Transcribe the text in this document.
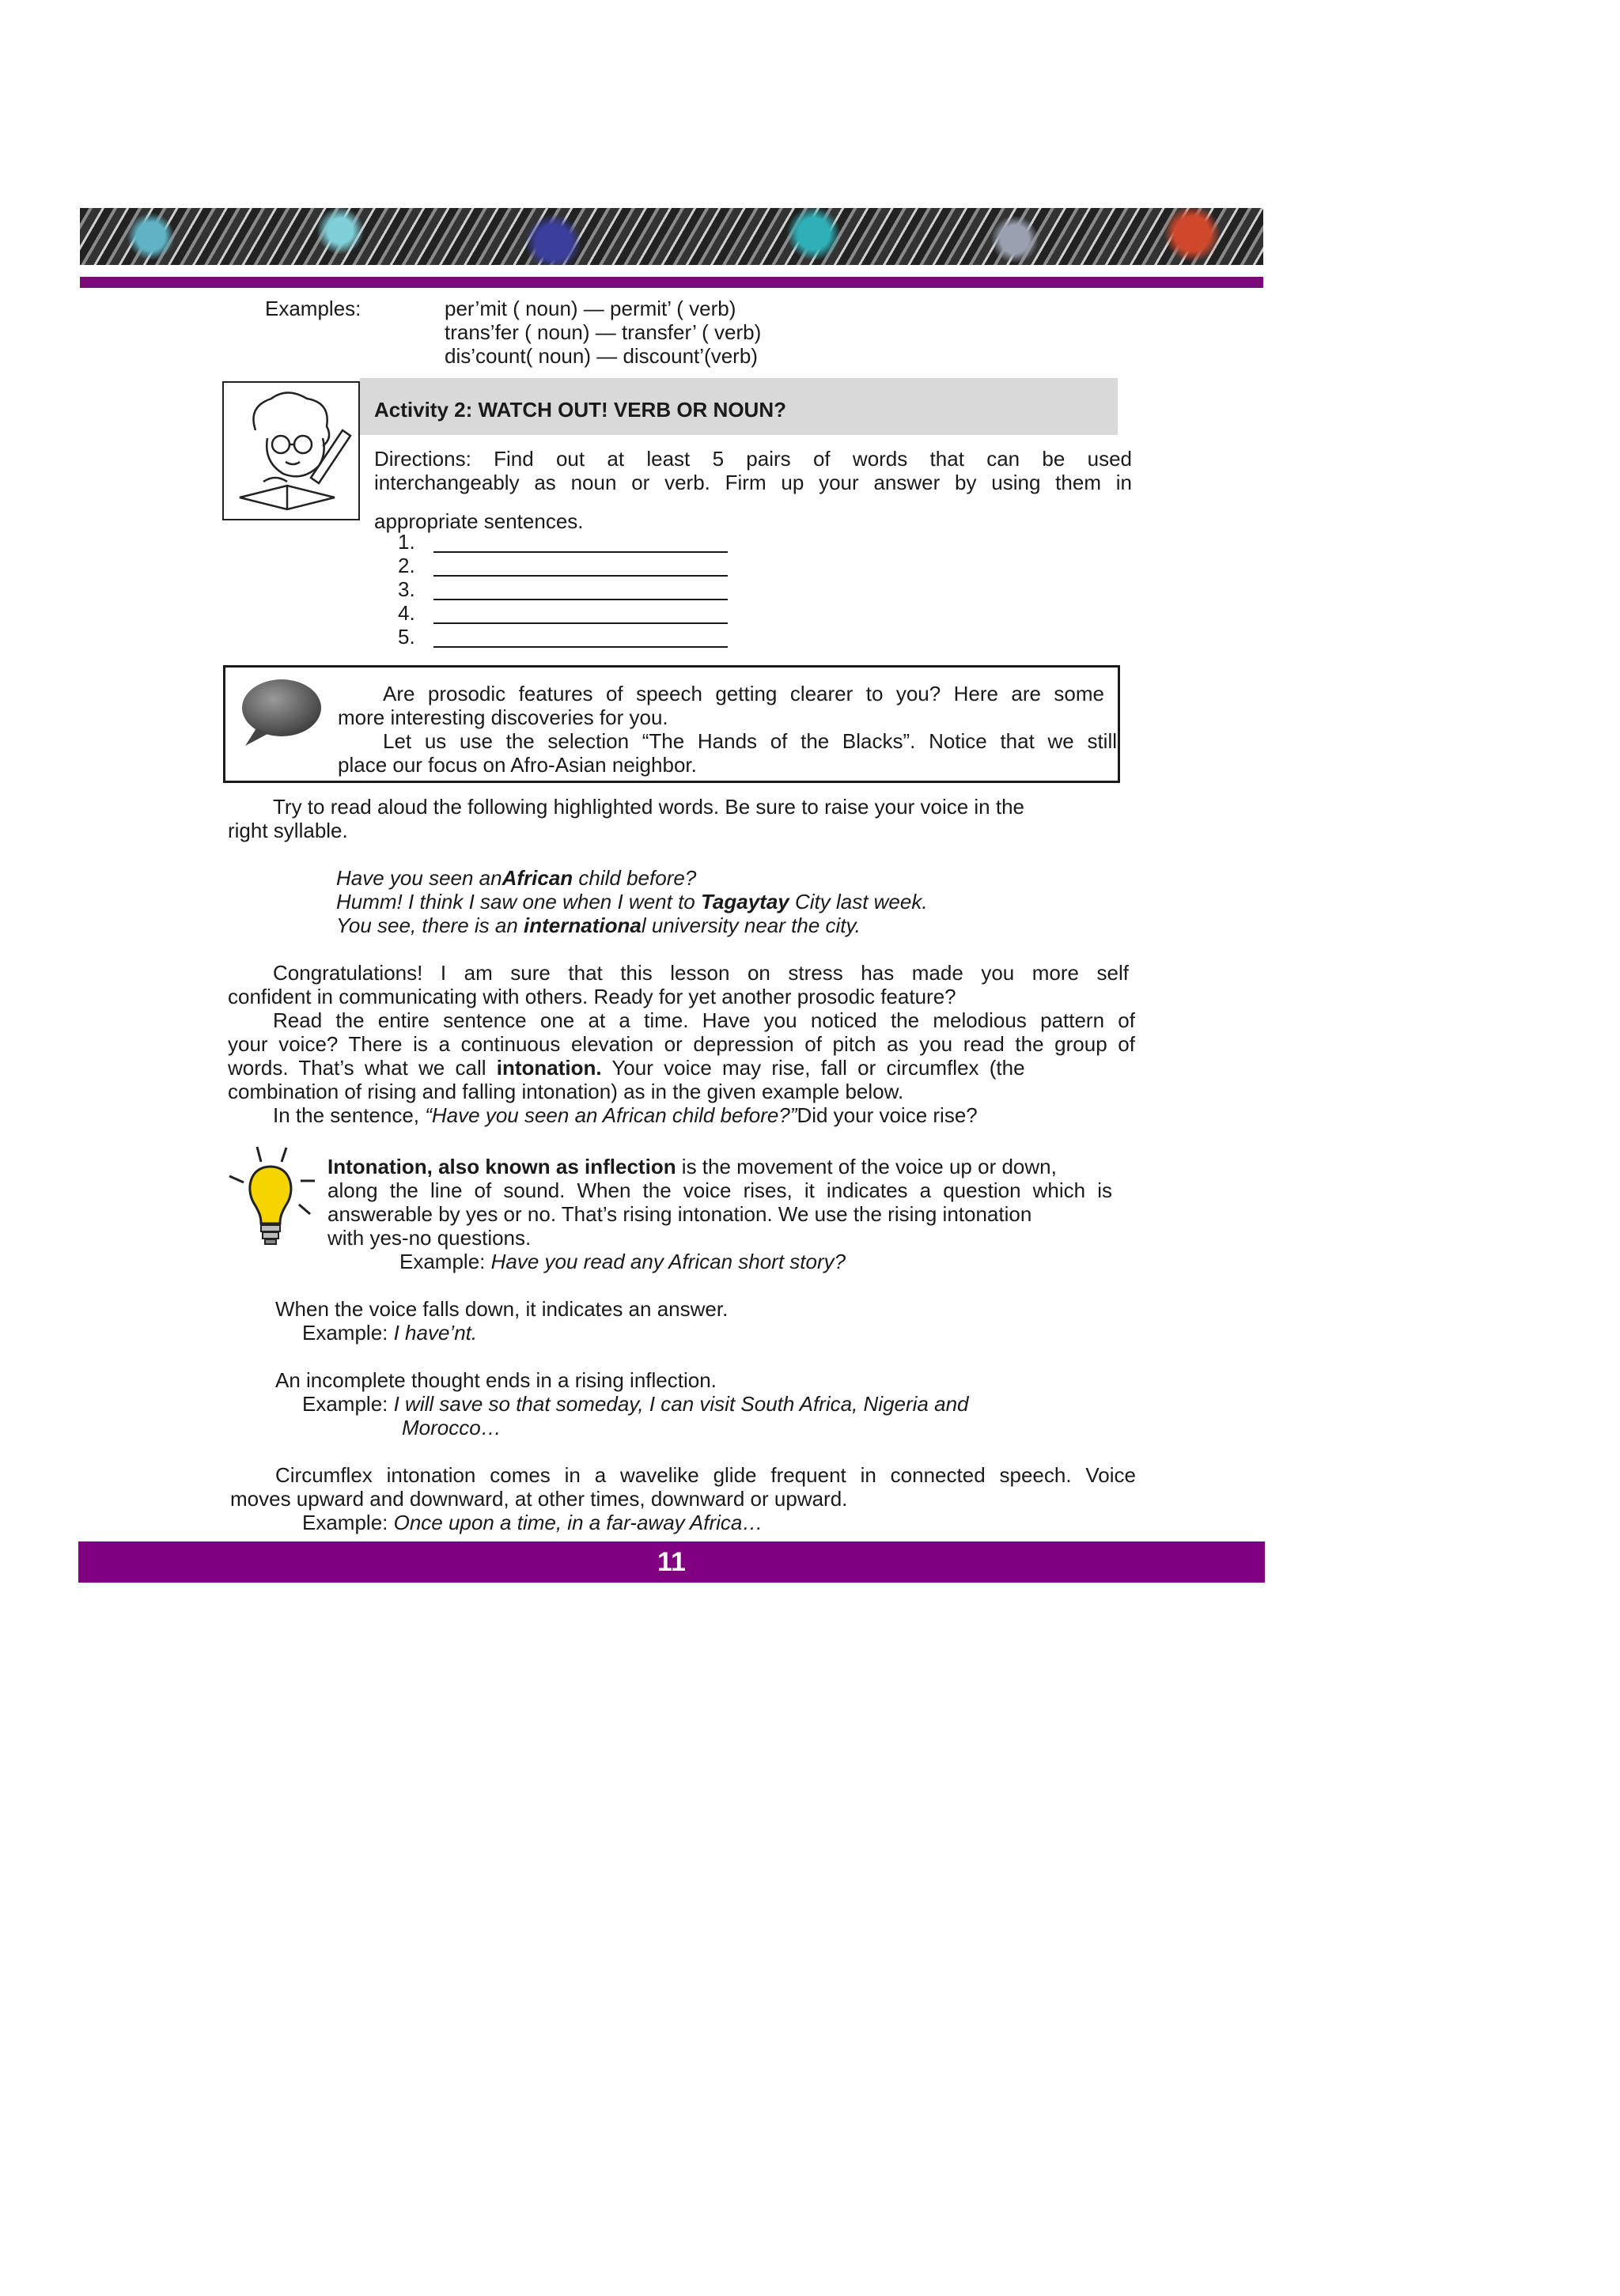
Examples:	per’mit ( noun) — permit’ ( verb)
trans’fer ( noun) — transfer’ ( verb)
dis’count( noun) — discount’(verb)
Activity 2: WATCH OUT! VERB OR NOUN?
Directions: Find out at least 5 pairs of words that can be used
interchangeably as noun or verb. Firm up your answer by using them in
appropriate sentences.
1.
2.
3.
4.
5.
Are prosodic features of speech getting clearer to you? Here are some
more interesting discoveries for you.
Let us use the selection “The Hands of the Blacks”. Notice that we still
place our focus on Afro-Asian neighbor.
Try to read aloud the following highlighted words. Be sure to raise your voice in the
right syllable.
Have you seen anAfrican child before?
Humm! I think I saw one when I went to Tagaytay City last week.
You see, there is an international university near the city.
Congratulations! I am sure that this lesson on stress has made you more self
confident in communicating with others. Ready for yet another prosodic feature?
Read the entire sentence one at a time. Have you noticed the melodious pattern of
your voice? There is a continuous elevation or depression of pitch as you read the group of
words. That’s what we call intonation. Your voice may rise, fall or circumflex (the
combination of rising and falling intonation) as in the given example below.
In the sentence, “Have you seen an African child before?”Did your voice rise?
Intonation, also known as inflection is the movement of the voice up or down,
along the line of sound. When the voice rises, it indicates a question which is
answerable by yes or no. That’s rising intonation. We use the rising intonation
with yes-no questions.
Example: Have you read any African short story?
When the voice falls down, it indicates an answer.
Example: I have’nt.
An incomplete thought ends in a rising inflection.
Example: I will save so that someday, I can visit South Africa, Nigeria and
Morocco…
Circumflex intonation comes in a wavelike glide frequent in connected speech. Voice
moves upward and downward, at other times, downward or upward.
Example: Once upon a time, in a far-away Africa…
11
